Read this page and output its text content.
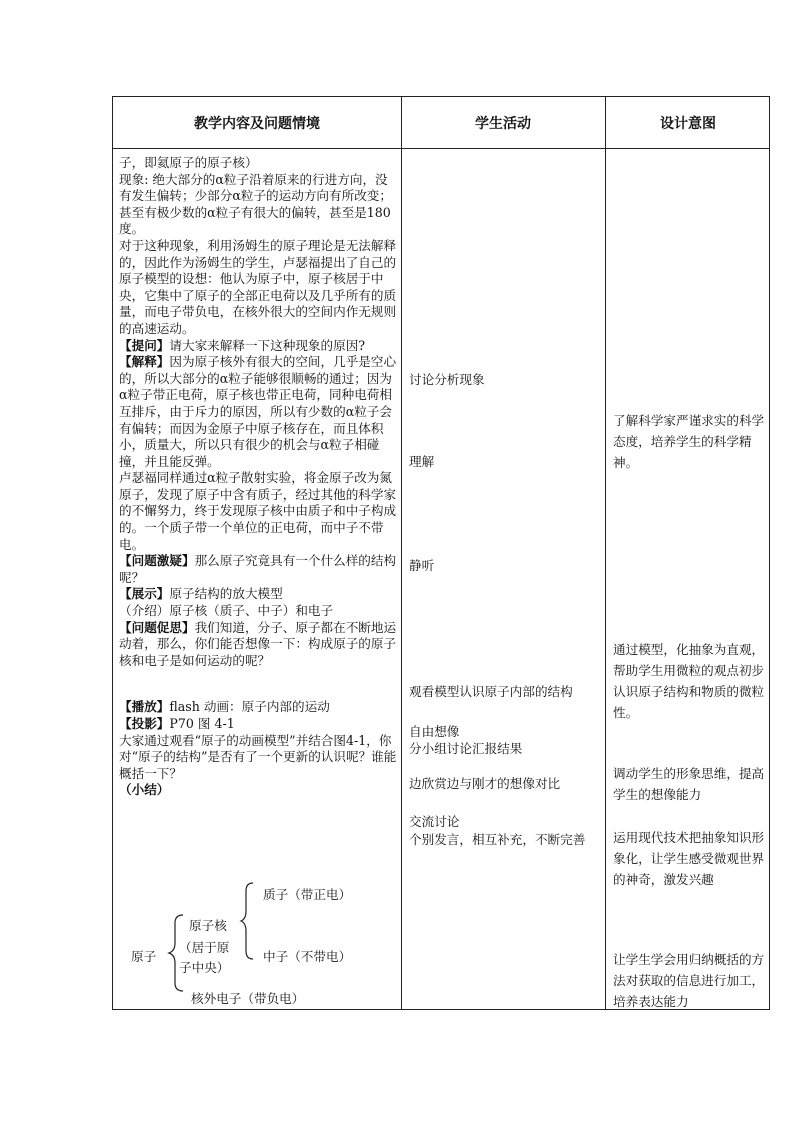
教学内容及问题情境	学生活动	设计意图

子，即氦原子的原子核）

现象: 绝大部分的α粒子沿着原来的行进方向，没有发生偏转；少部分α粒子的运动方向有所改变；甚至有极少数的α粒子有很大的偏转，甚至是180度。

对于这种现象，利用汤姆生的原子理论是无法解释的，因此作为汤姆生的学生，卢瑟福提出了自己的原子模型的设想：他认为原子中，原子核居于中央，它集中了原子的全部正电荷以及几乎所有的质量，而电子带负电，在核外很大的空间内作无规则的高速运动。

【提问】请大家来解释一下这种现象的原因?

【解释】因为原子核外有很大的空间，几乎是空心的，所以大部分的α粒子能够很顺畅的通过；因为α粒子带正电荷，原子核也带正电荷，同种电荷相互排斥，由于斥力的原因，所以有少数的α粒子会有偏转；而因为金原子中原子核存在，而且体积小，质量大，所以只有很少的机会与α粒子相碰撞，并且能反弹。

卢瑟福同样通过α粒子散射实验，将金原子改为氮原子，发现了原子中含有质子，经过其他的科学家的不懈努力，终于发现原子核中由质子和中子构成的。一个质子带一个单位的正电荷，而中子不带电。

【问题激疑】那么原子究竟具有一个什么样的结构呢？

【展示】原子结构的放大模型

（介绍）原子核（质子、中子）和电子

【问题促思】我们知道，分子、原子都在不断地运动着，那么，你们能否想像一下：构成原子的原子核和电子是如何运动的呢？

【播放】flash 动画：原子内部的运动

【投影】P70 图 4-1

大家通过观看“原子的动画模型”并结合图4-1，你对“原子的结构”是否有了一个更新的认识呢？谁能概括一下？

（小结）

原子
原子核
（居于原
子中央）
质子（带正电）
中子（不带电）
核外电子（带负电）
讨论分析现象
理解
静听
观看模型认识原子内部的结构
自由想像
分小组讨论汇报结果
边欣赏边与刚才的想像对比
交流讨论
个别发言，相互补充，不断完善
了解科学家严谨求实的科学态度，培养学生的科学精神。
通过模型，化抽象为直观，帮助学生用微粒的观点初步认识原子结构和物质的微粒性。
调动学生的形象思维，提高学生的想像能力
运用现代技术把抽象知识形象化，让学生感受微观世界的神奇，激发兴趣
让学生学会用归纳概括的方法对获取的信息进行加工，培养表达能力
